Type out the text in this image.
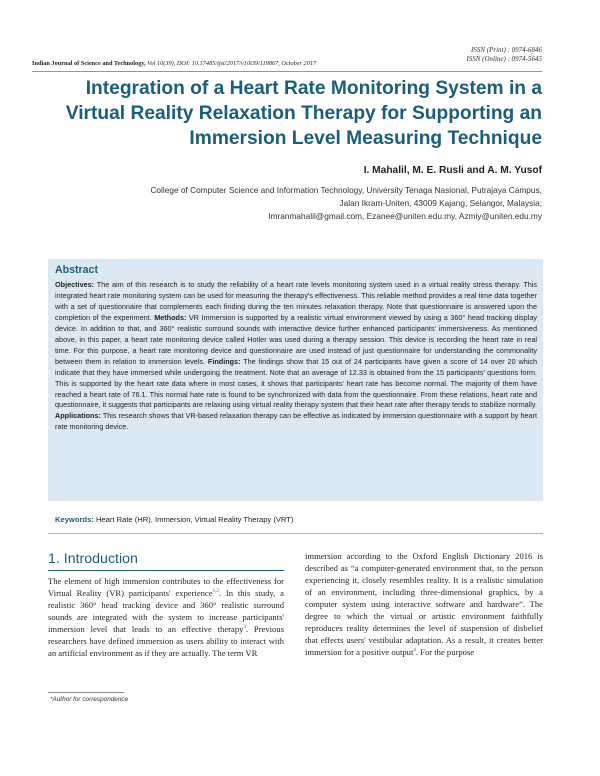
ISSN (Print) : 0974-6846
ISSN (Online) : 0974-5645
Indian Journal of Science and Technology, Vol 10(39), DOI: 10.17485/ijst/2017/v10i39/119867, October 2017
Integration of a Heart Rate Monitoring System in a Virtual Reality Relaxation Therapy for Supporting an Immersion Level Measuring Technique
I. Mahalil, M. E. Rusli and A. M. Yusof
College of Computer Science and Information Technology, University Tenaga Nasional, Putrajaya Campus,
Jalan Ikram-Uniten, 43009 Kajang, Selangor, Malaysia;
Imranmahalil@gmail.com, Ezanee@uniten.edu.my, Azmiy@uniten.edu.my
Abstract
Objectives: The aim of this research is to study the reliability of a heart rate levels monitoring system used in a virtual reality stress therapy. This integrated heart rate monitoring system can be used for measuring the therapy's effectiveness. This reliable method provides a real time data together with a set of questionnaire that complements each finding during the ten minutes relaxation therapy. Note that questionnaire is answered upon the completion of the experiment. Methods: VR Immersion is supported by a realistic virtual environment viewed by using a 360° head tracking display device. In addition to that, and 360° realistic surround sounds with interactive device further enhanced participants' immersiveness. As mentioned above, in this paper, a heart rate monitoring device called Hotler was used during a therapy session. This device is recording the heart rate in real time. For this purpose, a heart rate monitoring device and questionnaire are used instead of just questionnaire for understanding the commonality between them in relation to immersion levels. Findings: The findings show that 15 out of 24 participants have given a score of 14 over 20 which indicate that they have immersed while undergoing the treatment. Note that an average of 12.33 is obtained from the 15 participants' questions form. This is supported by the heart rate data where in most cases, it shows that participants' heart rate has become normal. The majority of them have reached a heart rate of 76.1. This normal hate rate is found to be synchronized with data from the questionnaire. From these relations, heart rate and questionnaire, it suggests that participants are relaxing using virtual reality therapy system that their heart rate after therapy tends to stabilize normally. Applications: This research shows that VR-based relaxation therapy can be effective as indicated by immersion questionnaire with a support by heart rate monitoring device.
Keywords: Heart Rate (HR), Immersion, Virtual Reality Therapy (VRT)
1. Introduction
The element of high immersion contributes to the effectiveness for Virtual Reality (VR) participants' experience$^{1,2}$. In this study, a realistic 360° head tracking device and 360° realistic surround sounds are integrated with the system to increase participants' immersion level that leads to an effective therapy$^3$. Previous researchers have defined immersion as users ability to interact with an artificial environment as if they are actually. The term VR
immersion according to the Oxford English Dictionary 2016 is described as “a computer-generated environment that, to the person experiencing it, closely resembles reality. It is a realistic simulation of an environment, including three-dimensional graphics, by a computer system using interactive software and hardware”. The degree to which the virtual or artistic environment faithfully reproduces reality determines the level of suspension of disbelief that effects users' vestibular adaptation. As a result, it creates better immersion for a positive output$^4$. For the purpose
*Author for correspondence
